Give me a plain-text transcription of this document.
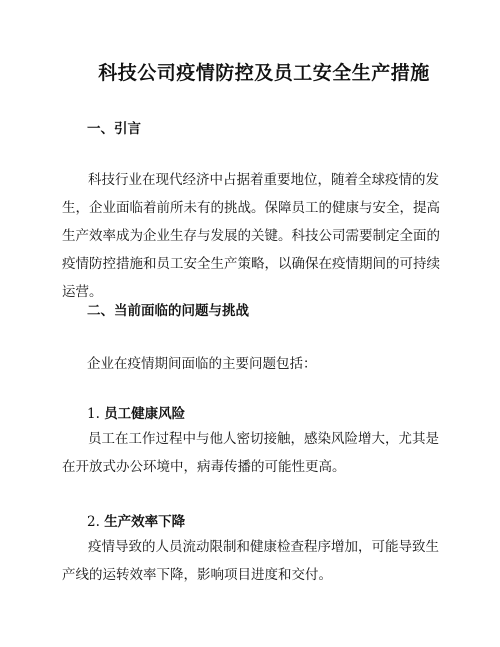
科技公司疫情防控及员工安全生产措施
一、引言

科技行业在现代经济中占据着重要地位，随着全球疫情的发生，企业面临着前所未有的挑战。保障员工的健康与安全，提高生产效率成为企业生存与发展的关键。科技公司需要制定全面的疫情防控措施和员工安全生产策略，以确保在疫情期间的可持续运营。

二、当前面临的问题与挑战
企业在疫情期间面临的主要问题包括：
1. 员工健康风险

员工在工作过程中与他人密切接触，感染风险增大，尤其是在开放式办公环境中，病毒传播的可能性更高。

2. 生产效率下降

疫情导致的人员流动限制和健康检查程序增加，可能导致生产线的运转效率下降，影响项目进度和交付。
